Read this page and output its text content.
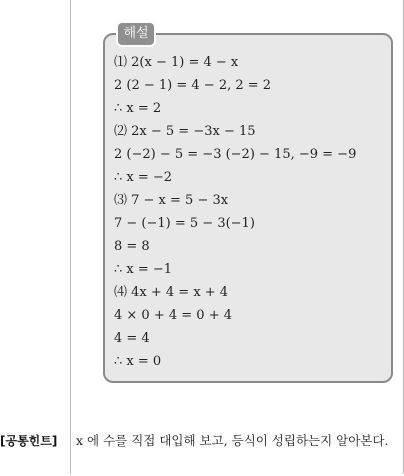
해설
⑴ 2(x − 1) = 4 − x
2 (2 − 1) = 4 − 2, 2 = 2
∴ x = 2
⑵ 2x − 5 = −3x − 15
2 (−2) − 5 = −3 (−2) − 15, −9 = −9
∴ x = −2
⑶ 7 − x = 5 − 3x
7 − (−1) = 5 − 3(−1)
8 = 8
∴ x = −1
⑷ 4x + 4 = x + 4
4 × 0 + 4 = 0 + 4
4 = 4
∴ x = 0
[공통힌트] x 에 수를 직접 대입해 보고, 등식이 성립하는지 알아본다.
